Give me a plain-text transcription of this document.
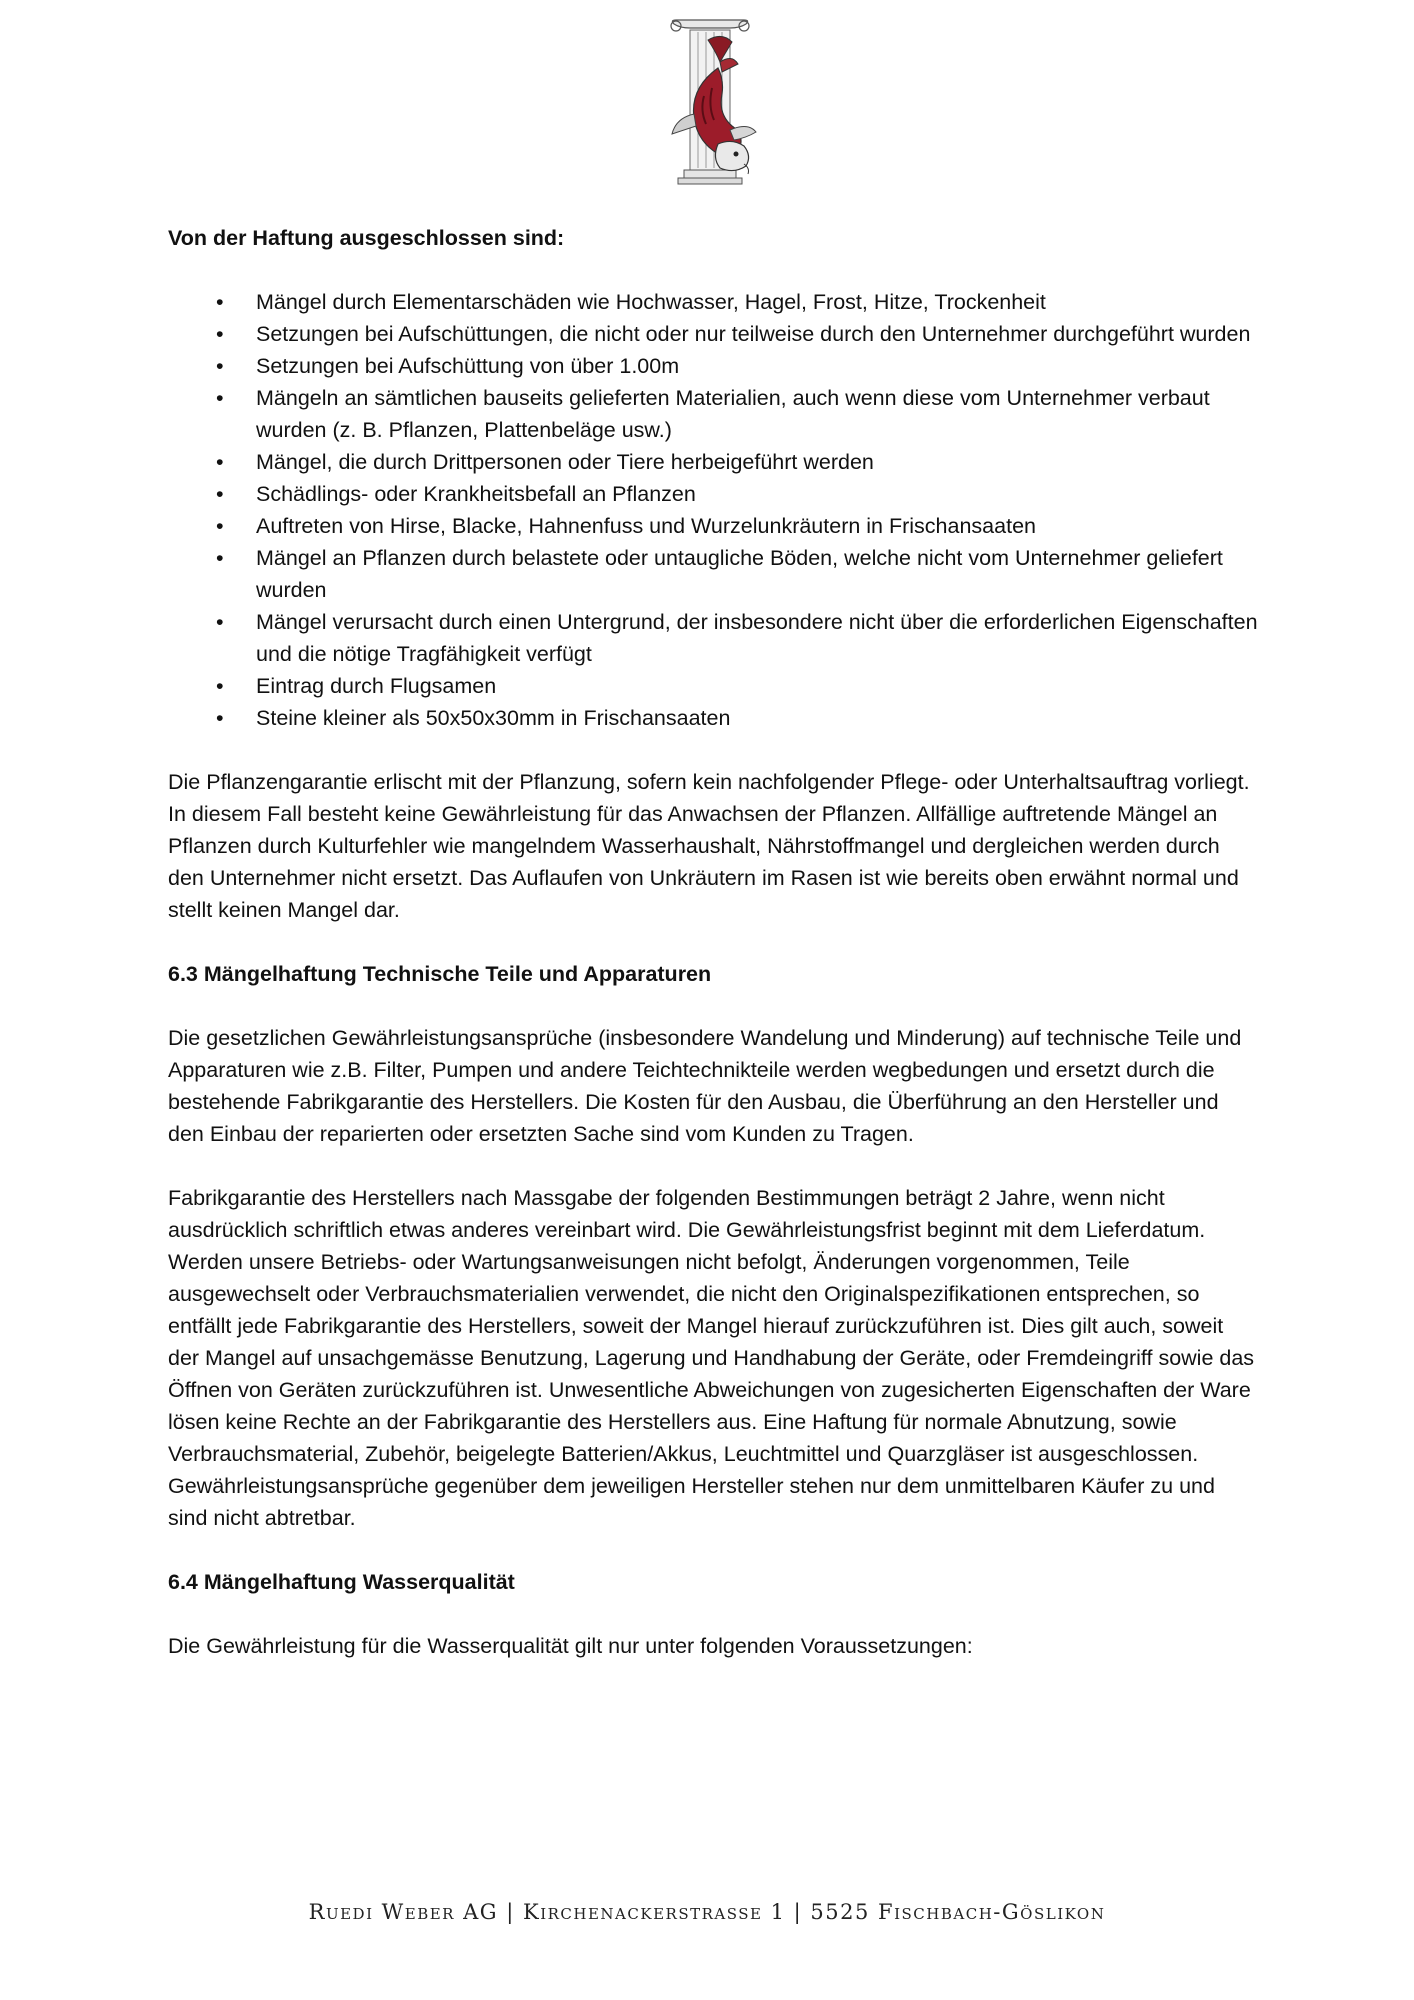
Von der Haftung ausgeschlossen sind:

• Mängel durch Elementarschäden wie Hochwasser, Hagel, Frost, Hitze, Trockenheit
• Setzungen bei Aufschüttungen, die nicht oder nur teilweise durch den Unternehmer durchgeführt wurden
• Setzungen bei Aufschüttung von über 1.00m
• Mängeln an sämtlichen bauseits gelieferten Materialien, auch wenn diese vom Unternehmer verbaut wurden (z. B. Pflanzen, Plattenbeläge usw.)
• Mängel, die durch Drittpersonen oder Tiere herbeigeführt werden
• Schädlings- oder Krankheitsbefall an Pflanzen
• Auftreten von Hirse, Blacke, Hahnenfuss und Wurzelunkräutern in Frischansaaten
• Mängel an Pflanzen durch belastete oder untaugliche Böden, welche nicht vom Unternehmer geliefert wurden
• Mängel verursacht durch einen Untergrund, der insbesondere nicht über die erforderlichen Eigenschaften und die nötige Tragfähigkeit verfügt
• Eintrag durch Flugsamen
• Steine kleiner als 50x50x30mm in Frischansaaten

Die Pflanzengarantie erlischt mit der Pflanzung, sofern kein nachfolgender Pflege- oder Unterhaltsauftrag vorliegt. In diesem Fall besteht keine Gewährleistung für das Anwachsen der Pflanzen. Allfällige auftretende Mängel an Pflanzen durch Kulturfehler wie mangelndem Wasserhaushalt, Nährstoffmangel und dergleichen werden durch den Unternehmer nicht ersetzt. Das Auflaufen von Unkräutern im Rasen ist wie bereits oben erwähnt normal und stellt keinen Mangel dar.

6.3 Mängelhaftung Technische Teile und Apparaturen

Die gesetzlichen Gewährleistungsansprüche (insbesondere Wandelung und Minderung) auf technische Teile und Apparaturen wie z.B. Filter, Pumpen und andere Teichtechnikteile werden wegbedungen und ersetzt durch die bestehende Fabrikgarantie des Herstellers. Die Kosten für den Ausbau, die Überführung an den Hersteller und den Einbau der reparierten oder ersetzten Sache sind vom Kunden zu Tragen.

Fabrikgarantie des Herstellers nach Massgabe der folgenden Bestimmungen beträgt 2 Jahre, wenn nicht ausdrücklich schriftlich etwas anderes vereinbart wird. Die Gewährleistungsfrist beginnt mit dem Lieferdatum. Werden unsere Betriebs- oder Wartungsanweisungen nicht befolgt, Änderungen vorgenommen, Teile ausgewechselt oder Verbrauchsmaterialien verwendet, die nicht den Originalspezifikationen entsprechen, so entfällt jede Fabrikgarantie des Herstellers, soweit der Mangel hierauf zurückzuführen ist. Dies gilt auch, soweit der Mangel auf unsachgemässe Benutzung, Lagerung und Handhabung der Geräte, oder Fremdeingriff sowie das Öffnen von Geräten zurückzuführen ist. Unwesentliche Abweichungen von zugesicherten Eigenschaften der Ware lösen keine Rechte an der Fabrikgarantie des Herstellers aus. Eine Haftung für normale Abnutzung, sowie Verbrauchsmaterial, Zubehör, beigelegte Batterien/Akkus, Leuchtmittel und Quarzgläser ist ausgeschlossen. Gewährleistungsansprüche gegenüber dem jeweiligen Hersteller stehen nur dem unmittelbaren Käufer zu und sind nicht abtretbar.

6.4 Mängelhaftung Wasserqualität

Die Gewährleistung für die Wasserqualität gilt nur unter folgenden Voraussetzungen:

Ruedi Weber AG | Kirchenackerstrasse 1 | 5525 Fischbach-Göslikon
